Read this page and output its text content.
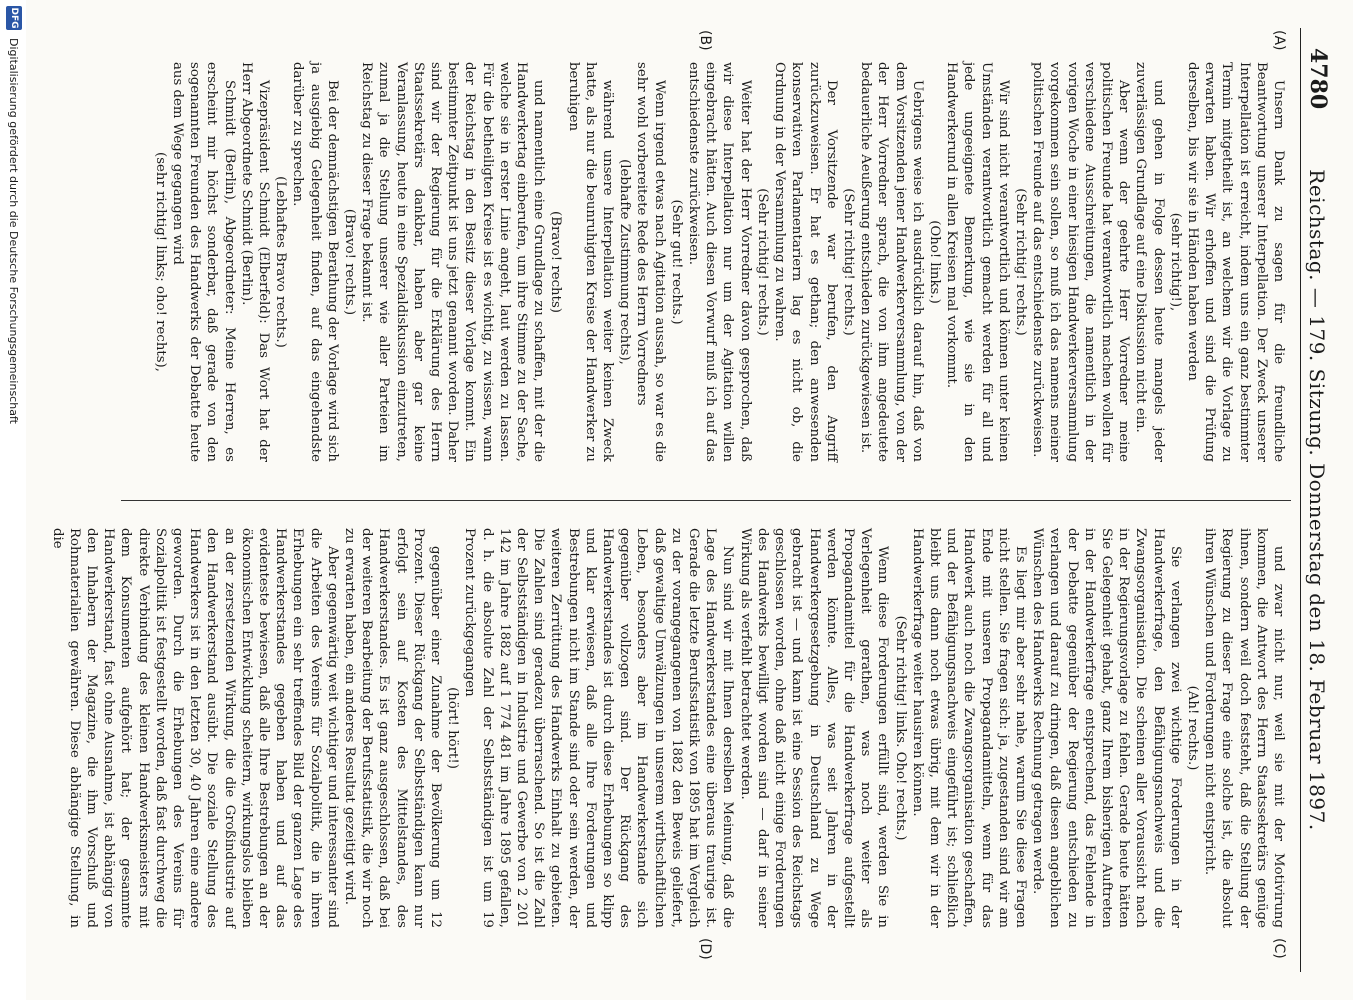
4780
Reichstag. — 179. Sitzung. Donnerstag den 18. Februar 1897.
(A)
(B)
(C)
(D)

Unsern Dank zu sagen für die freundliche Beantwortung unserer Interpellation. Der Zweck unserer Interpellation ist erreicht, indem uns ein ganz bestimmter Termin mitgetheilt ist, an welchem wir die Vorlage zu erwarten haben. Wir erhoffen und sind die Prüfung derselben, bis wir sie in Händen haben werden

(sehr richtig!),

und gehen in Folge dessen heute mangels jeder zuverlässigen Grundlage auf eine Diskussion nicht ein.

Aber wenn der geehrte Herr Vorredner meine politischen Freunde hat verantwortlich machen wollen für verschiedene Ausschreitungen, die namentlich in der vorigen Woche in einer hiesigen Handwerkerversammlung vorgekommen sein sollen, so muß ich das namens meiner politischen Freunde auf das entschiedenste zurückweisen.

(Sehr richtig! rechts.)

Wir sind nicht verantwortlich und können unter keinen Umständen verantwortlich gemacht werden für all und jede ungeeignete Bemerkung, wie sie in den Handwerkerund in allen Kreisen mal vorkommt.

(Oho! links.)

Uebrigens weise ich ausdrücklich darauf hin, daß von dem Vorsitzenden jener Handwerkerversammlung, von der der Herr Vorredner sprach, die von ihm angedeutete bedauerliche Aeußerung entschieden zurückgewiesen ist.

(Sehr richtig! rechts.)

Der Vorsitzende war berufen, den Angriff zurückzuweisen. Er hat es gethan; den anwesenden konservativen Parlamentariern lag es nicht ob, die Ordnung in der Versammlung zu wahren.

(Sehr richtig! rechts.)

Weiter hat der Herr Vorredner davon gesprochen, daß wir diese Interpellation nur um der Agitation willen eingebracht hätten. Auch diesen Vorwurf muß ich auf das entschiedenste zurückweisen.

(Sehr gut! rechts.)

Wenn irgend etwas nach Agitation aussah, so war es die sehr wohl vorbereitete Rede des Herrn Vorredners

(lebhafte Zustimmung rechts),

während unsere Interpellation weiter keinen Zweck hatte, als nur die beunruhigten Kreise der Handwerker zu beruhigen

(Bravo! rechts)

und namentlich eine Grundlage zu schaffen, mit der die Handwerkertag einberufen, um ihre Stimme zu der Sache, welche sie in erster Linie angeht, laut werden zu lassen. Für die betheiligten Kreise ist es wichtig, zu wissen, wann der Reichstag in den Besitz dieser Vorlage kommt. Ein bestimmter Zeitpunkt ist uns jetzt genannt worden. Daher sind wir der Regierung für die Erklärung des Herrn Staatssekretärs dankbar, haben aber gar keine Veranlassung, heute in eine Spezialdiskussion einzutreten, zumal ja die Stellung unserer wie aller Parteien im Reichstag zu dieser Frage bekannt ist.

(Bravo! rechts.)

Bei der demnächstigen Berathung der Vorlage wird sich ja ausgiebig Gelegenheit finden, auf das eingehendste darüber zu sprechen.

(Lebhaftes Bravo rechts.)

Vizepräsident Schmidt (Elberfeld): Das Wort hat der Herr Abgeordnete Schmidt (Berlin).

Schmidt (Berlin), Abgeordneter: Meine Herren, es erscheint mir höchst sonderbar, daß gerade von den sogenannten Freunden des Handwerks der Debatte heute aus dem Wege gegangen wird

(sehr richtig! links; oho! rechts),

und zwar nicht nur, weil sie mit der Motivirung kommen, die Antwort des Herrn Staatssekretärs genüge ihnen, sondern weil doch feststeht, daß die Stellung der Regierung zu dieser Frage eine solche ist, die absolut ihren Wünschen und Forderungen nicht entspricht.

(Ah! rechts.)

Sie verlangen zwei wichtige Forderungen in der Handwerkerfrage, den Befähigungsnachweis und die Zwangsorganisation. Die scheinen aller Voraussicht nach in der Regierungsvorlage zu fehlen. Gerade heute hätten Sie Gelegenheit gehabt, ganz Ihrem bisherigen Auftreten in der Handwerkerfrage entsprechend, das Fehlende in der Debatte gegenüber der Regierung entschieden zu verlangen und darauf zu dringen, daß diesen angeblichen Wünschen des Handwerks Rechnung getragen werde.

Es liegt mir aber sehr nahe, warum Sie diese Fragen nicht stellen. Sie fragen sich: ja, zugestanden sind wir am Ende mit unseren Propagandamitteln, wenn für das Handwerk auch noch die Zwangsorganisation geschaffen, und der Befähigungsnachweis eingeführt ist; schließlich bleibt uns dann noch etwas übrig, mit dem wir in der Handwerkerfrage weiter hausiren können.

(Sehr richtig! links. Oho! rechts.)

Wenn diese Forderungen erfüllt sind, werden Sie in Verlegenheit gerathen, was noch weiter als Propagandamittel für die Handwerkerfrage aufgestellt werden könnte. Alles, was seit Jahren in der Handwerkergesetzgebung in Deutschland zu Wege gebracht ist — und kann ist eine Session des Reichstags geschlossen worden, ohne daß nicht einige Forderungen des Handwerks bewilligt worden sind — darf in seiner Wirkung als verfehlt betrachtet werden.

Nun sind wir mit Ihnen derselben Meinung, daß die Lage des Handwerkerstandes eine überaus traurige ist. Gerade die letzte Berufsstatistik von 1895 hat im Vergleich zu der vorangegangenen von 1882 den Beweis geliefert, daß gewaltige Umwälzungen in unserem wirthschaftlichen Leben, besonders aber im Handwerkerstande sich gegenüber vollzogen sind. Der Rückgang des Handwerkerstandes ist durch diese Erhebungen so klipp und klar erwiesen, daß alle Ihre Forderungen und Bestrebungen nicht im Stande sind oder sein werden, der weiteren Zerrüttung des Handwerks Einhalt zu gebieten. Die Zahlen sind geradezu überraschend. So ist die Zahl der Selbstständigen in Industrie und Gewerbe von 2 201 142 im Jahre 1882 auf 1 774 481 im Jahre 1895 gefallen, d. h. die absolute Zahl der Selbstständigen ist um 19 Prozent zurückgegangen

(hört! hört!)

gegenüber einer Zunahme der Bevölkerung um 12 Prozent. Dieser Rückgang der Selbstständigen kann nur erfolgt sein auf Kosten des Mittelstandes, des Handwerkerstandes. Es ist ganz ausgeschlossen, daß bei der weiteren Bearbeitung der Berufsstatistik, die wir noch zu erwarten haben, ein anderes Resultat gezeitigt wird.

Aber gegenwärtig weit wichtiger und interessanter sind die Arbeiten des Vereins für Sozialpolitik, die in ihren Erhebungen ein sehr treffendes Bild der ganzen Lage des Handwerkerstandes gegeben haben und auf das evidenteste bewiesen, daß alle Ihre Bestrebungen an der ökonomischen Entwicklung scheitern, wirkungslos bleiben an der zersetzenden Wirkung, die die Großindustrie auf den Handwerkerstand ausübt. Die soziale Stellung des Handwerkers ist in den letzten 30, 40 Jahren eine andere geworden. Durch die Erhebungen des Vereins für Sozialpolitik ist festgestellt worden, daß fast durchweg die direkte Verbindung des kleinen Handwerksmeisters mit dem Konsumenten aufgehört hat; der gesammte Handwerkerstand, fast ohne Ausnahme, ist abhängig von den Inhabern der Magazine, die ihm Vorschuß und Rohmaterialien gewähren. Diese abhängige Stellung, in die

DFG
Digitalisierung gefördert durch die Deutsche Forschungsgemeinschaft
